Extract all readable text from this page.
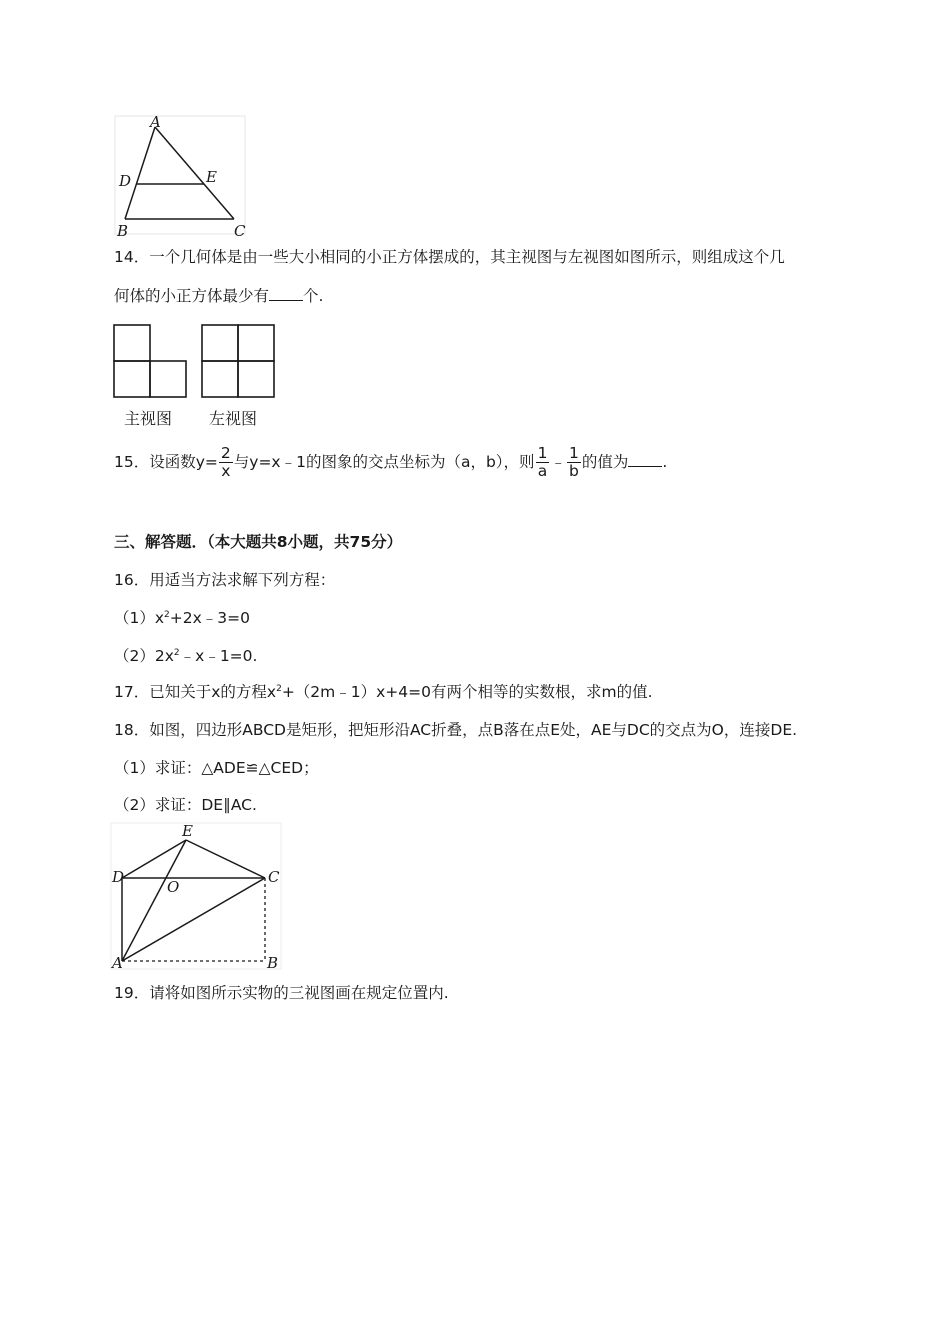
A
D	E
B	C
14．一个几何体是由一些大小相同的小正方体摆成的，其主视图与左视图如图所示，则组成这个几
何体的小正方体最少有 个.
主视图 左视图
15．设函数$y= \frac{2}{x}$ 与y=x﹣1的图象的交点坐标为（a，b），则 $\frac{1}{a}$ ﹣ $\frac{1}{b}$ 的值为 .
三、解答题．（本大题共8小题，共75分）
16．用适当方法求解下列方程：
$(1)x^2+2x﹣3=0$
$(2)2x^2﹣x﹣1=0$.
17．已知关于x的方程$x^2+(2m﹣1)x+4=0$有两个相等的实数根，求m的值.
18．如图，四边形ABCD是矩形，把矩形沿AC折叠，点B落在点E处，AE与DC的交点为O，连接DE.
（1）求证：△ADE≌△CED；
（2）求证：DE∥AC.
E
D
O
C
A	B
19．请将如图所示实物的三视图画在规定位置内.
